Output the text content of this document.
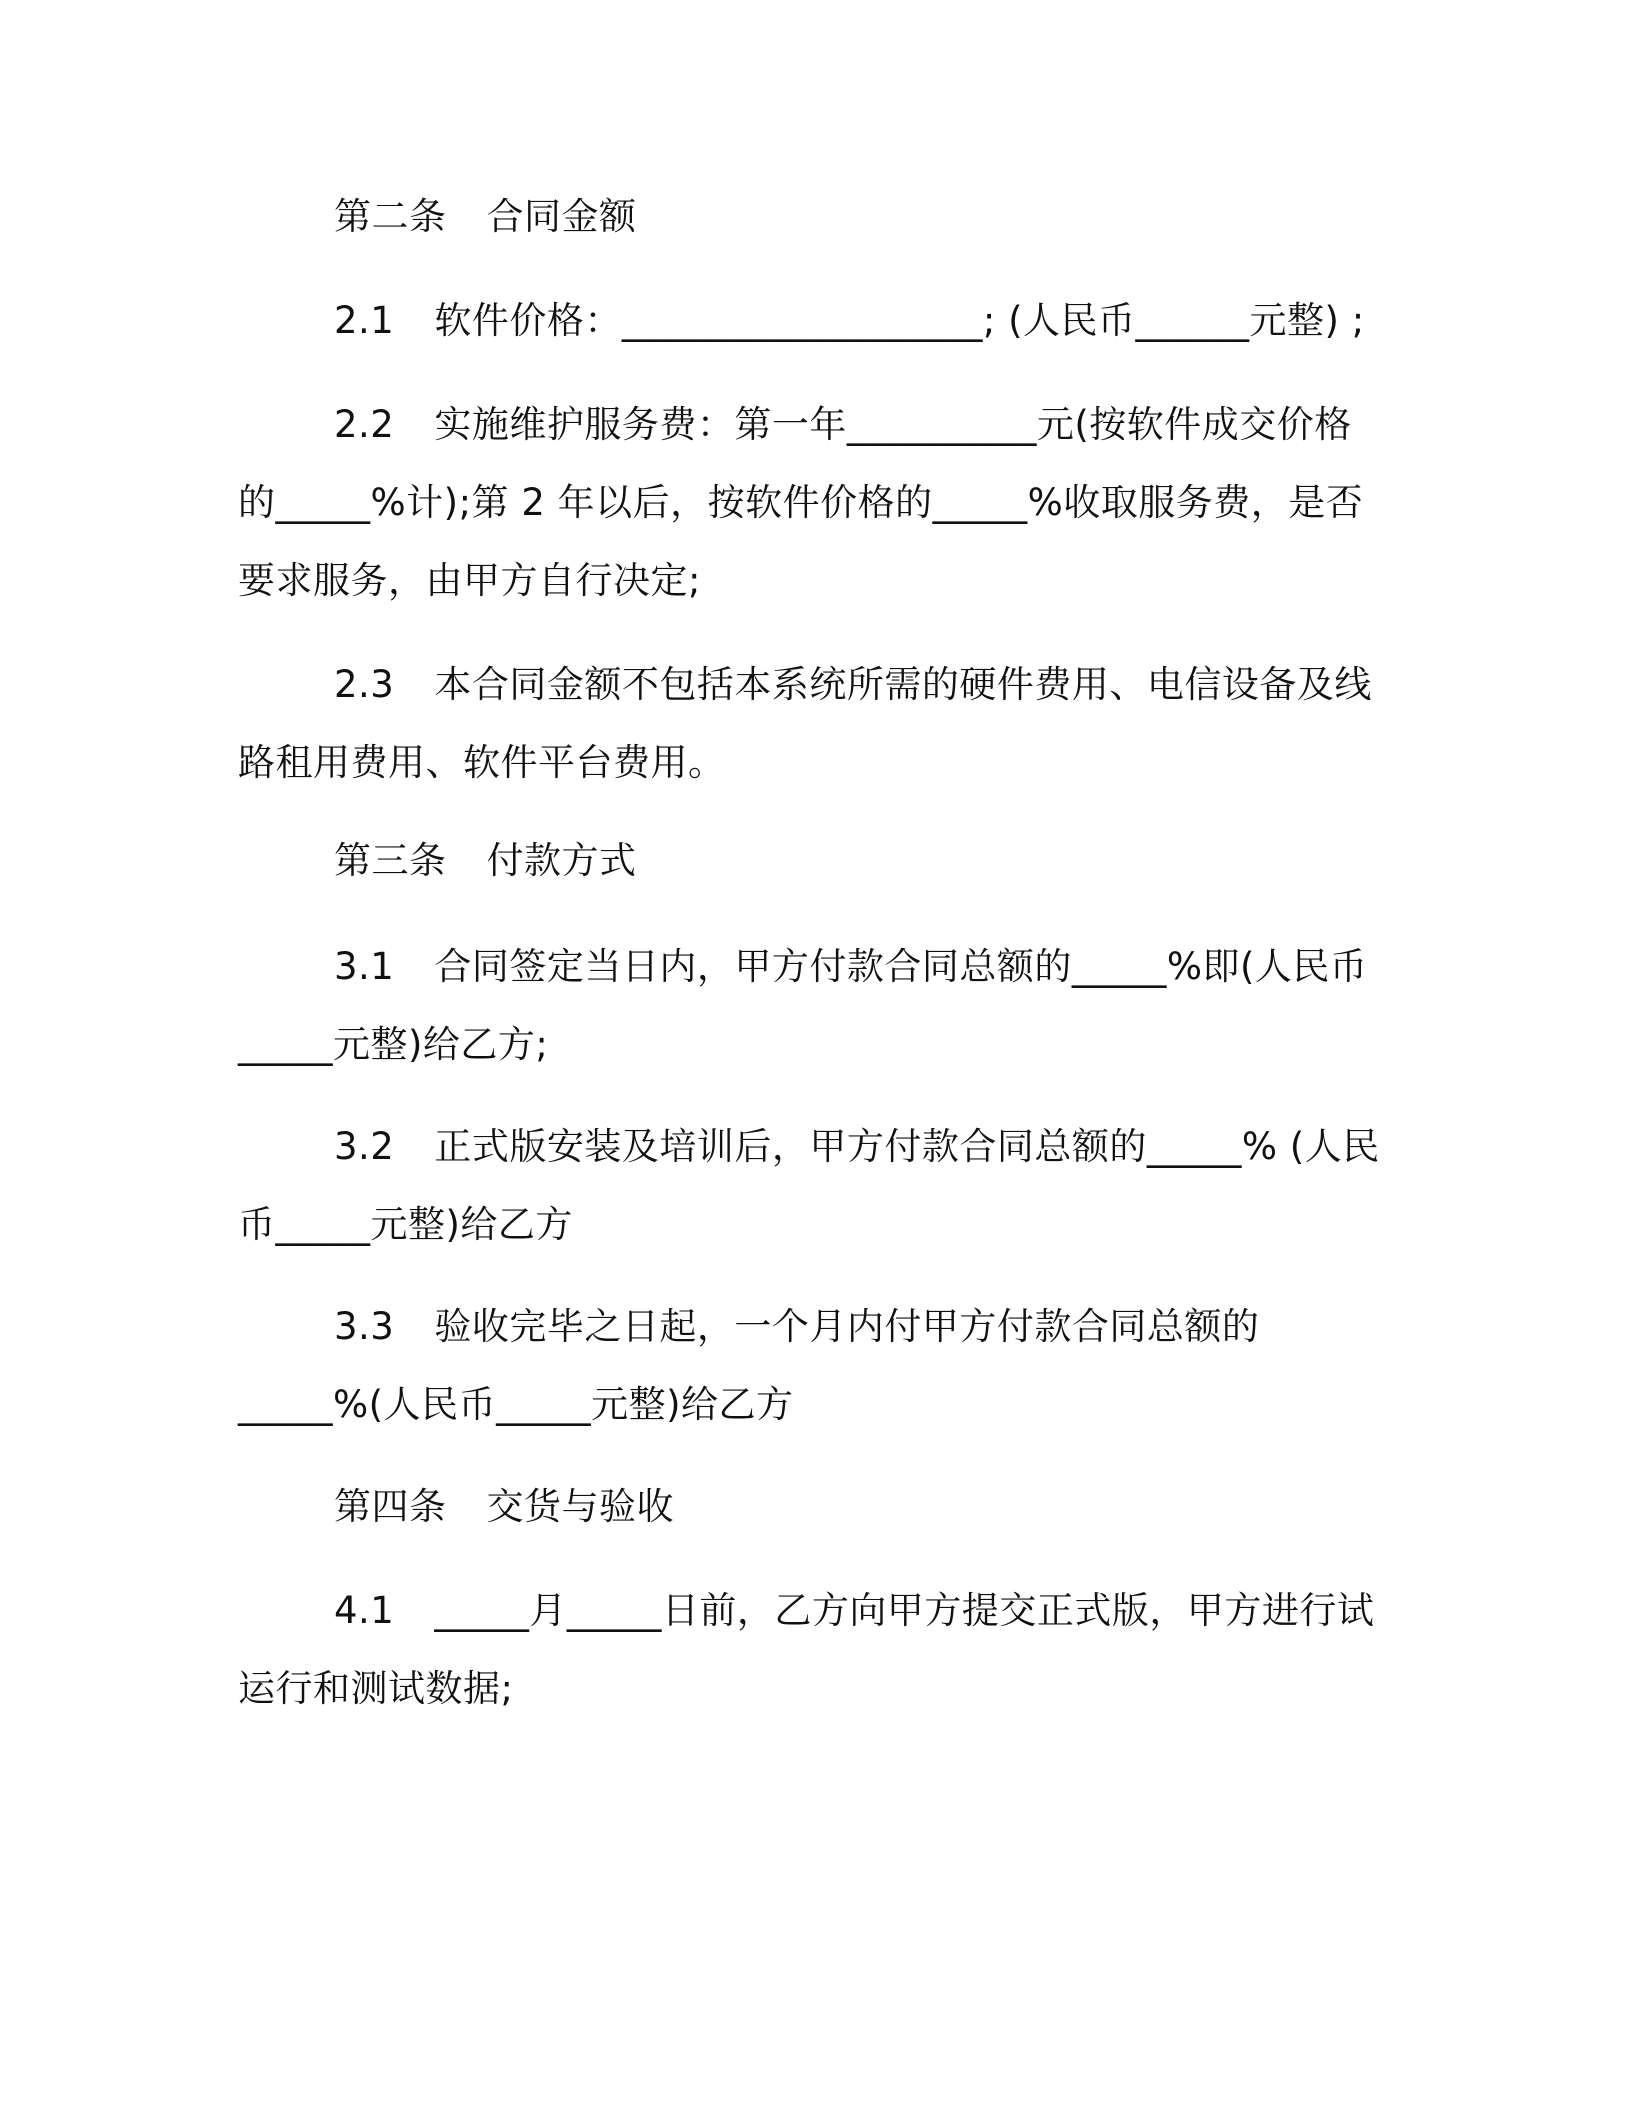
第二条 合同金额
2.1 软件价格：___________________; (人民币______元整) ;
2.2 实施维护服务费：第一年__________元(按软件成交价格
的_____%计);第 2 年以后，按软件价格的_____%收取服务费，是否
要求服务，由甲方自行决定;
2.3 本合同金额不包括本系统所需的硬件费用、电信设备及线
路租用费用、软件平台费用。
第三条 付款方式
3.1 合同签定当日内，甲方付款合同总额的_____%即(人民币
_____元整)给乙方;
3.2 正式版安装及培训后，甲方付款合同总额的_____% (人民
币_____元整)给乙方
3.3 验收完毕之日起，一个月内付甲方付款合同总额的
_____%(人民币_____元整)给乙方
第四条 交货与验收
4.1 _____月_____日前，乙方向甲方提交正式版，甲方进行试
运行和测试数据;
